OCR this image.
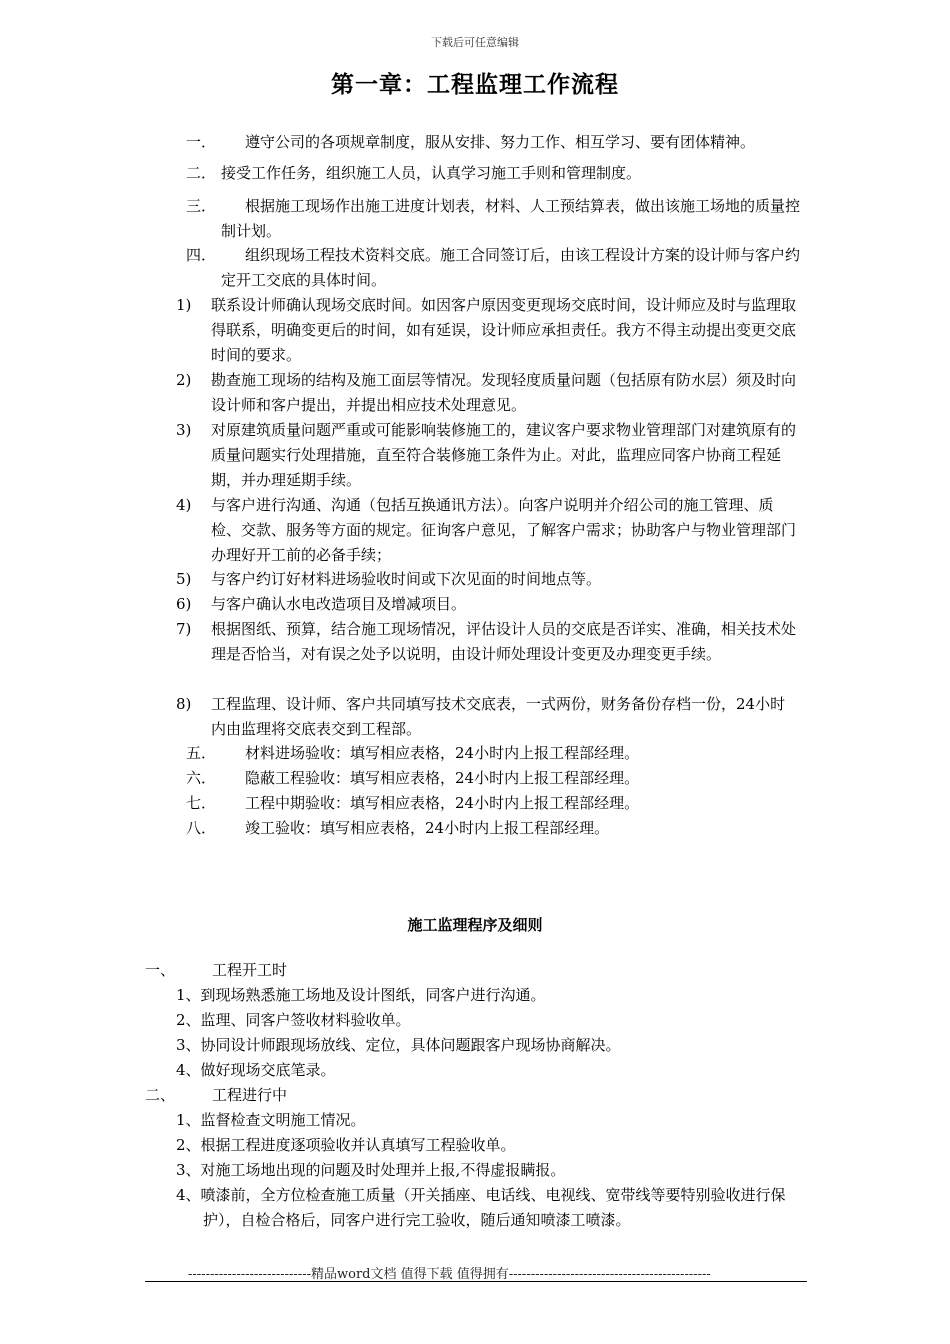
下载后可任意编辑
第一章：工程监理工作流程
一．	遵守公司的各项规章制度，服从安排、努力工作、相互学习、要有团体精神。
二． 接受工作任务，组织施工人员，认真学习施工手则和管理制度。
三．	根据施工现场作出施工进度计划表，材料、人工预结算表，做出该施工场地的质量控制计划。
四．	组织现场工程技术资料交底。施工合同签订后，由该工程设计方案的设计师与客户约定开工交底的具体时间。
1)	联系设计师确认现场交底时间。如因客户原因变更现场交底时间，设计师应及时与监理取得联系，明确变更后的时间，如有延误，设计师应承担责任。我方不得主动提出变更交底时间的要求。
2)	勘查施工现场的结构及施工面层等情况。发现轻度质量问题（包括原有防水层）须及时向设计师和客户提出，并提出相应技术处理意见。
3)	对原建筑质量问题严重或可能影响装修施工的，建议客户要求物业管理部门对建筑原有的质量问题实行处理措施，直至符合装修施工条件为止。对此，监理应同客户协商工程延期，并办理延期手续。
4)	与客户进行沟通、沟通（包括互换通讯方法）。向客户说明并介绍公司的施工管理、质检、交款、服务等方面的规定。征询客户意见，了解客户需求；协助客户与物业管理部门办理好开工前的必备手续；
5)	与客户约订好材料进场验收时间或下次见面的时间地点等。
6)	与客户确认水电改造项目及增减项目。
7)	根据图纸、预算，结合施工现场情况，评估设计人员的交底是否详实、准确，相关技术处理是否恰当，对有误之处予以说明，由设计师处理设计变更及办理变更手续。
8)	工程监理、设计师、客户共同填写技术交底表，一式两份，财务备份存档一份，24小时内由监理将交底表交到工程部。
五．	材料进场验收：填写相应表格，24小时内上报工程部经理。
六．	隐蔽工程验收：填写相应表格，24小时内上报工程部经理。
七．	工程中期验收：填写相应表格，24小时内上报工程部经理。
八．	竣工验收：填写相应表格，24小时内上报工程部经理。
施工监理程序及细则
一、	工程开工时
1、到现场熟悉施工场地及设计图纸，同客户进行沟通。
2、监理、同客户签收材料验收单。
3、协同设计师跟现场放线、定位，具体问题跟客户现场协商解决。
4、做好现场交底笔录。
二、	工程进行中
1、监督检查文明施工情况。
2、根据工程进度逐项验收并认真填写工程验收单。
3、对施工场地出现的问题及时处理并上报,不得虚报瞒报。
4、喷漆前，全方位检查施工质量（开关插座、电话线、电视线、宽带线等要特别验收进行保护），自检合格后，同客户进行完工验收，随后通知喷漆工喷漆。
----------------------------精品word文档 值得下载 值得拥有----------------------------------------------
